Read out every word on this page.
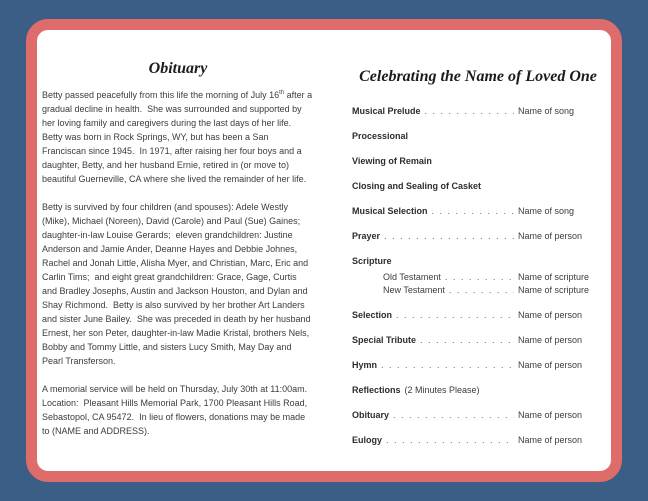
Obituary

Betty passed peacefully from this life the morning of July 16th after a gradual decline in health.  She was surrounded and supported by her loving family and caregivers during the last days of her life. Betty was born in Rock Springs, WY, but has been a San Franciscan since 1945.  In 1971, after raising her four boys and a daughter, Betty, and her husband Ernie, retired in (or move to) beautiful Guerneville, CA where she lived the remainder of her life.

Betty is survived by four children (and spouses): Adele Westly (Mike), Michael (Noreen), David (Carole) and Paul (Sue) Gaines; daughter-in-law Louise Gerards;  eleven grandchildren: Justine Anderson and Jamie Ander, Deanne Hayes and Debbie Johnes, Rachel and Jonah Little, Alisha Myer, and Christian, Marc, Eric and Carlin Tims;  and eight great grandchildren: Grace, Gage, Curtis and Bradley Josephs, Austin and Jackson Houston, and Dylan and Shay Richmond.  Betty is also survived by her brother Art Landers and sister June Bailey.  She was preceded in death by her husband Ernest, her son Peter, daughter-in-law Madie Kristal, brothers Nels, Bobby and Tommy Little, and sisters Lucy Smith, May Day and Pearl Transferson.

A memorial service will be held on Thursday, July 30th at 11:00am.  Location:  Pleasant Hills Memorial Park, 1700 Pleasant Hills Road, Sebastopol, CA 95472.  In lieu of flowers, donations may be made to (NAME and ADDRESS).

Celebrating the Name of Loved One
Musical Prelude . . .	Name of song
Processional
Viewing of Remain
Closing and Sealing of Casket
Musical Selection . . .	Name of song
Prayer . . .	Name of person
Scripture
Old Testament . . .	Name of scripture
New Testament . . .	Name of scripture
Selection . . .	Name of person
Special Tribute . . .	Name of person
Hymn . . .	Name of person
Reflections (2 Minutes Please)
Obituary . . .	Name of person
Eulogy . . .	Name of person
